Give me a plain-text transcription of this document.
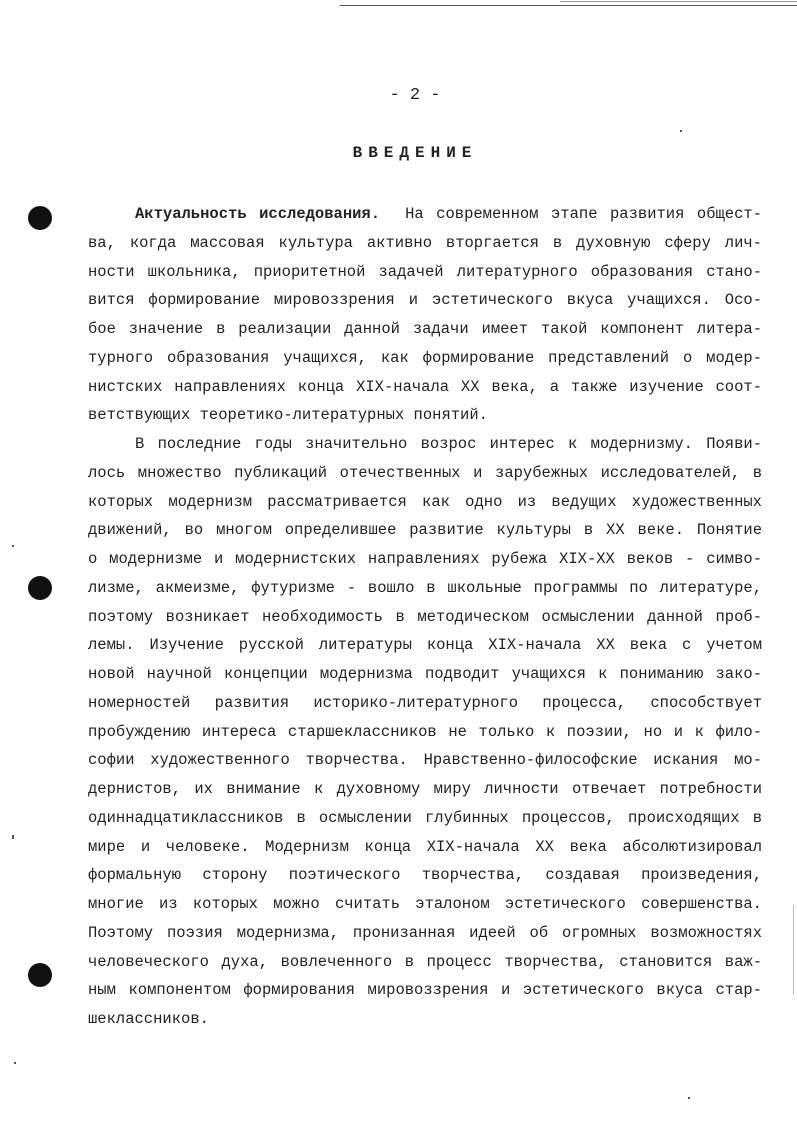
- 2 -
ВВЕДЕНИЕ
Актуальность исследования. На современном этапе развития общест-
ва, когда массовая культура активно вторгается в духовную сферу лич-
ности школьника, приоритетной задачей литературного образования стано-
вится формирование мировоззрения и эстетического вкуса учащихся. Осо-
бое значение в реализации данной задачи имеет такой компонент литера-
турного образования учащихся, как формирование представлений о модер-
нистских направлениях конца XIX-начала XX века, а также изучение соот-
ветствующих теоретико-литературных понятий.
В последние годы значительно возрос интерес к модернизму. Появи-
лось множество публикаций отечественных и зарубежных исследователей, в
которых модернизм рассматривается как одно из ведущих художественных
движений, во многом определившее развитие культуры в XX веке. Понятие
о модернизме и модернистских направлениях рубежа XIX-XX веков - симво-
лизме, акмеизме, футуризме - вошло в школьные программы по литературе,
поэтому возникает необходимость в методическом осмыслении данной проб-
лемы. Изучение русской литературы конца XIX-начала XX века с учетом
новой научной концепции модернизма подводит учащихся к пониманию зако-
номерностей развития историко-литературного процесса, способствует
пробуждению интереса старшеклассников не только к поэзии, но и к фило-
софии художественного творчества. Нравственно-философские искания мо-
дернистов, их внимание к духовному миру личности отвечает потребности
одиннадцатиклассников в осмыслении глубинных процессов, происходящих в
мире и человеке. Модернизм конца XIX-начала XX века абсолютизировал
формальную сторону поэтического творчества, создавая произведения,
многие из которых можно считать эталоном эстетического совершенства.
Поэтому поэзия модернизма, пронизанная идеей об огромных возможностях
человеческого духа, вовлеченного в процесс творчества, становится важ-
ным компонентом формирования мировоззрения и эстетического вкуса стар-
шеклассников.
